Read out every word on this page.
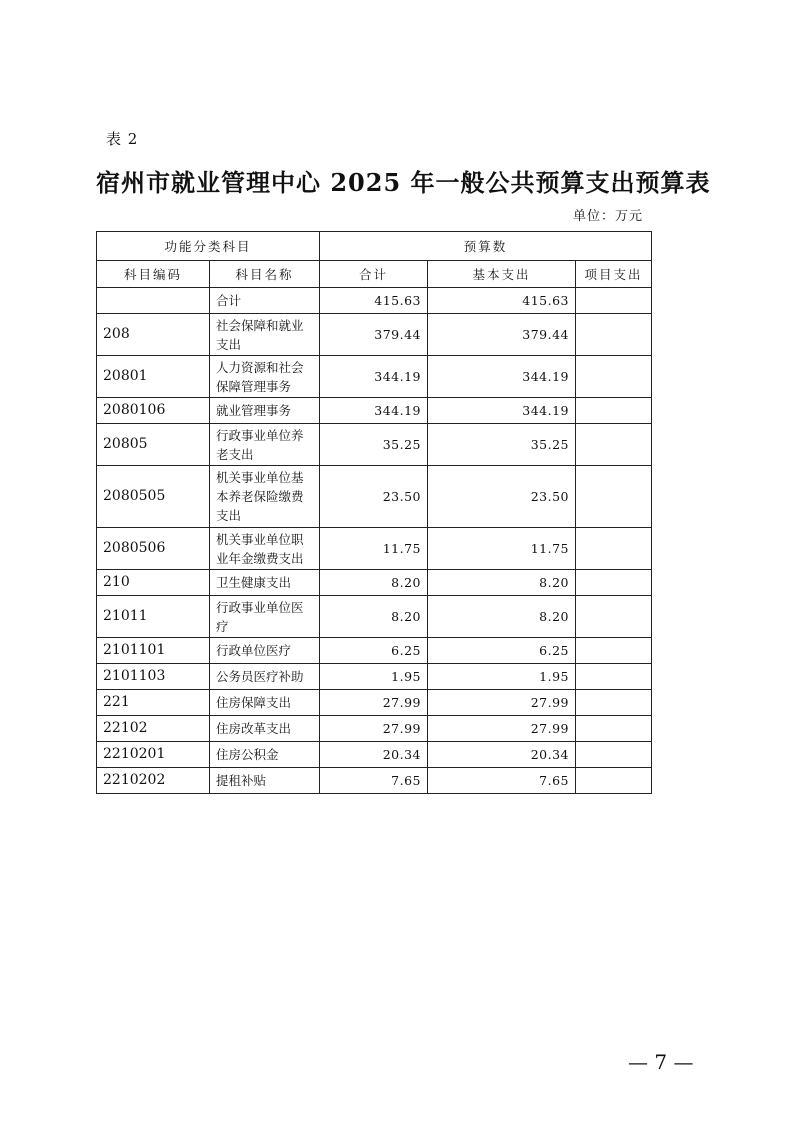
表 2
宿州市就业管理中心 2025 年一般公共预算支出预算表
单位：万元
功能分类科目		预算数		
科目编码	科目名称	合计	基本支出	项目支出
	合计	415.63	415.63	
208	社会保障和就业支出	379.44	379.44	
20801	人力资源和社会保障管理事务	344.19	344.19	
2080106	就业管理事务	344.19	344.19	
20805	行政事业单位养老支出	35.25	35.25	
2080505	机关事业单位基本养老保险缴费支出	23.50	23.50	
2080506	机关事业单位职业年金缴费支出	11.75	11.75	
210	卫生健康支出	8.20	8.20	
21011	行政事业单位医疗	8.20	8.20	
2101101	行政单位医疗	6.25	6.25	
2101103	公务员医疗补助	1.95	1.95	
221	住房保障支出	27.99	27.99	
22102	住房改革支出	27.99	27.99	
2210201	住房公积金	20.34	20.34	
2210202	提租补贴	7.65	7.65	
— 7 —
